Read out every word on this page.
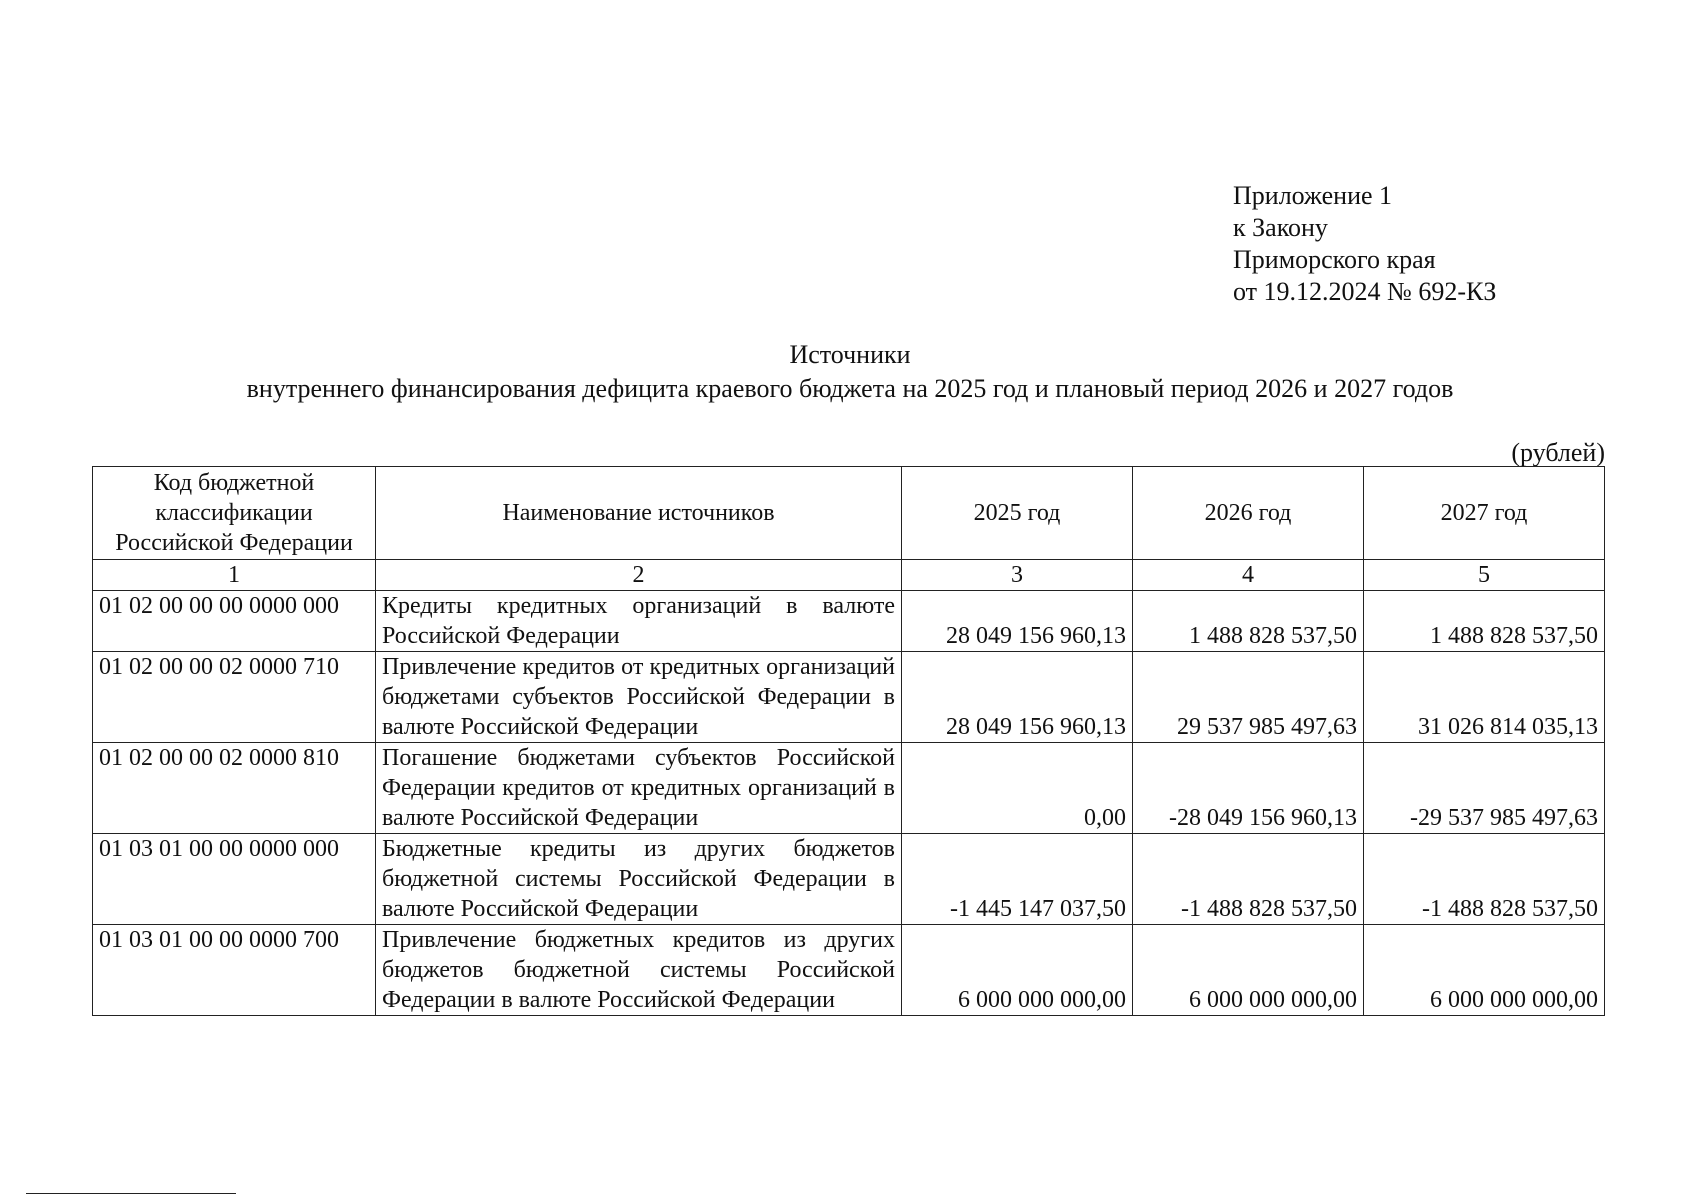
Приложение 1
к Закону
Приморского края
от 19.12.2024 № 692-КЗ
Источники
внутреннего финансирования дефицита краевого бюджета на 2025 год и плановый период 2026 и 2027 годов
(рублей)
Код бюджетной классификации Российской Федерации	Наименование источников	2025 год	2026 год	2027 год
1	2	3	4	5
01 02 00 00 00 0000 000	Кредиты кредитных организаций в валюте Российской Федерации	28 049 156 960,13	1 488 828 537,50	1 488 828 537,50
01 02 00 00 02 0000 710	Привлечение кредитов от кредитных организаций бюджетами субъектов Российской Федерации в валюте Российской Федерации	28 049 156 960,13	29 537 985 497,63	31 026 814 035,13
01 02 00 00 02 0000 810	Погашение бюджетами субъектов Российской Федерации кредитов от кредитных организаций в валюте Российской Федерации	0,00	-28 049 156 960,13	-29 537 985 497,63
01 03 01 00 00 0000 000	Бюджетные кредиты из других бюджетов бюджетной системы Российской Федерации в валюте Российской Федерации	-1 445 147 037,50	-1 488 828 537,50	-1 488 828 537,50
01 03 01 00 00 0000 700	Привлечение бюджетных кредитов из других бюджетов бюджетной системы Российской Федерации в валюте Российской Федерации	6 000 000 000,00	6 000 000 000,00	6 000 000 000,00
